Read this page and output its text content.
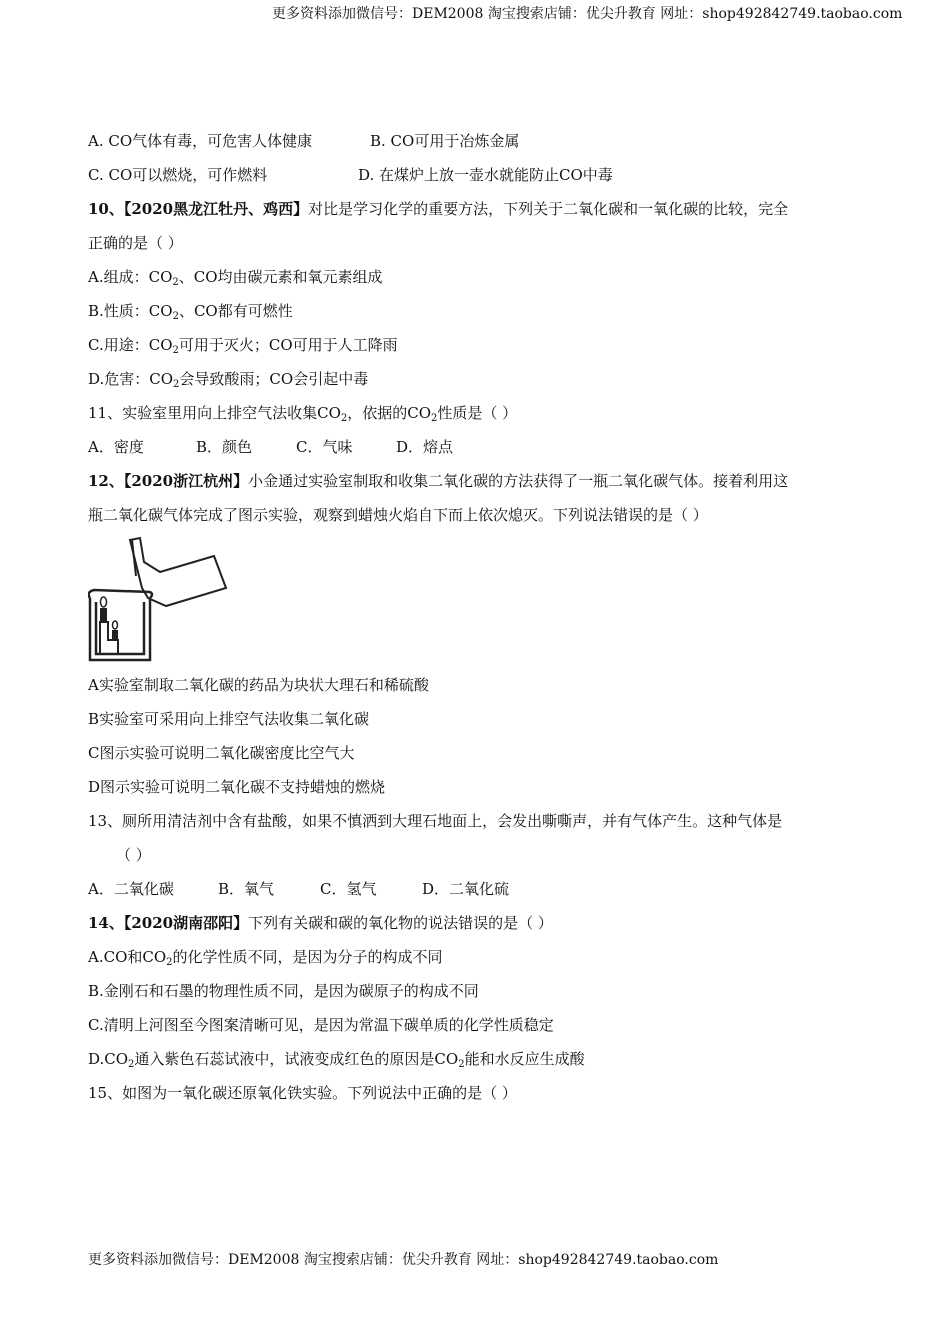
更多资料添加微信号：DEM2008 淘宝搜索店铺：优尖升教育 网址：shop492842749.taobao.com
A. CO气体有毒，可危害人体健康	B. CO可用于冶炼金属
C. CO可以燃烧，可作燃料	D. 在煤炉上放一壶水就能防止CO中毒
10、【2020黑龙江牡丹、鸡西】对比是学习化学的重要方法，下列关于二氧化碳和一氧化碳的比较，完全
正确的是（ ）
A.组成：$CO_2$、CO均由碳元素和氧元素组成
B.性质：$CO_2$、CO都有可燃性
C.用途：$CO_2$可用于灭火；CO可用于人工降雨
D.危害：$CO_2$会导致酸雨；CO会引起中毒
11、实验室里用向上排空气法收集$CO_2$，依据的$CO_2$性质是（ ）
A．密度	B．颜色	C．气味	D．熔点
12、【2020浙江杭州】小金通过实验室制取和收集二氧化碳的方法获得了一瓶二氧化碳气体。接着利用这
瓶二氧化碳气体完成了图示实验，观察到蜡烛火焰自下而上依次熄灭。下列说法错误的是（ ）
A实验室制取二氧化碳的药品为块状大理石和稀硫酸
B实验室可采用向上排空气法收集二氧化碳
C图示实验可说明二氧化碳密度比空气大
D图示实验可说明二氧化碳不支持蜡烛的燃烧
13、厕所用清洁剂中含有盐酸，如果不慎洒到大理石地面上，会发出嘶嘶声，并有气体产生。这种气体是
（ ）
A．二氧化碳	B．氧气	C．氢气	D．二氧化硫
14、【2020湖南邵阳】下列有关碳和碳的氧化物的说法错误的是（ ）
A.CO和$CO_2$的化学性质不同，是因为分子的构成不同
B.金刚石和石墨的物理性质不同，是因为碳原子的构成不同
C.清明上河图至今图案清晰可见，是因为常温下碳单质的化学性质稳定
$D.CO_2$通入紫色石蕊试液中，试液变成红色的原因是$CO_2$能和水反应生成酸
15、如图为一氧化碳还原氧化铁实验。下列说法中正确的是（ ）
更多资料添加微信号：DEM2008 淘宝搜索店铺：优尖升教育 网址：shop492842749.taobao.com
